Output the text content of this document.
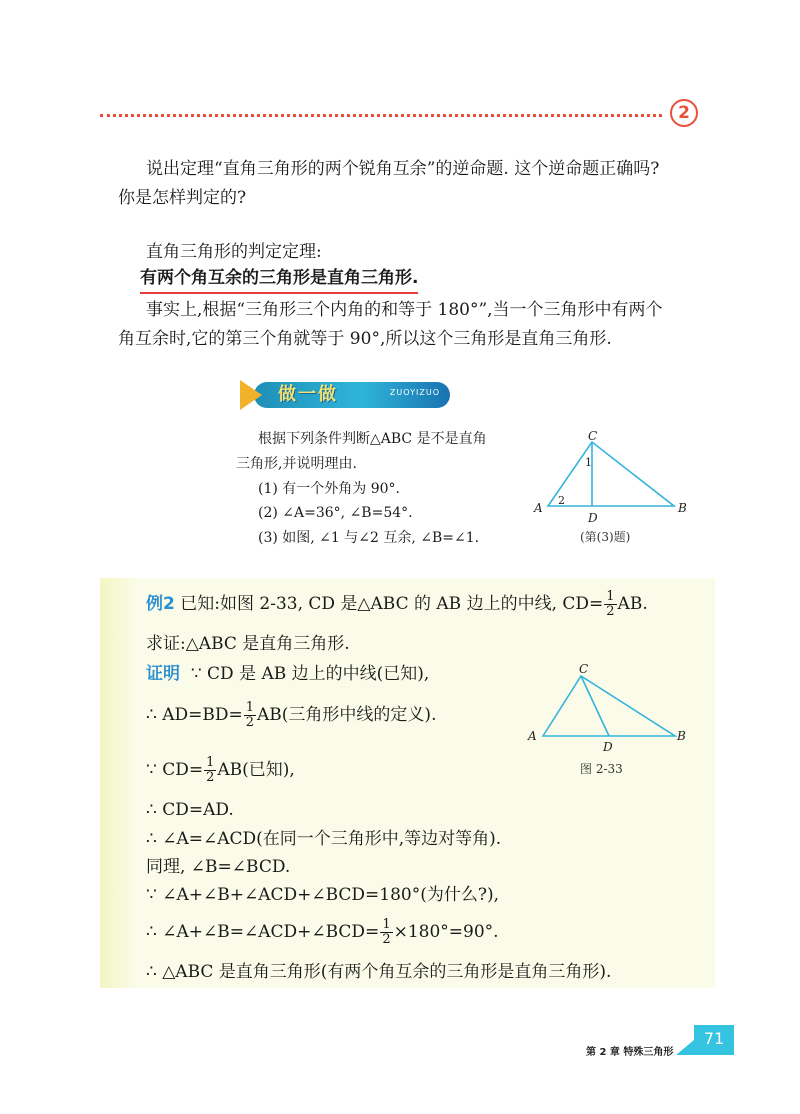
2
说出定理“直角三角形的两个锐角互余”的逆命题. 这个逆命题正确吗?
你是怎样判定的?
直角三角形的判定定理:
有两个角互余的三角形是直角三角形.
事实上,根据“三角形三个内角的和等于 180°”,当一个三角形中有两个
角互余时,它的第三个角就等于 90°,所以这个三角形是直角三角形.
做一做	ZUOYIZUO
根据下列条件判断△ABC 是不是直角
三角形,并说明理由.
(1) 有一个外角为 90°.
(2) ∠A=36°, ∠B=54°.
(3) 如图, ∠1 与∠2 互余, ∠B=∠1.
C
A	B
D
1
2
(第(3)题)
例2 已知:如图 2-33, CD 是△ABC 的 AB 边上的中线, $CD= \frac{1}{2}$ AB.
求证:△ABC 是直角三角形.
证明 ∵ CD 是 AB 边上的中线(已知),
∴ $AD=BD= \frac{1}{2} AB$(三角形中线的定义).
∵ $CD= \frac{1}{2} AB$(已知),
∴ CD=AD.
∴ ∠A=∠ACD(在同一个三角形中,等边对等角).
同理, ∠B=∠BCD.
∵ ∠A+∠B+∠ACD+∠BCD=180°(为什么?),
∴ ∠A+∠B=∠ACD+∠BCD= $\frac{1}{2} \times 180^\circ=90^\circ$.
∴ △ABC 是直角三角形(有两个角互余的三角形是直角三角形).
C
A	B
D
图 2-33
第 2 章 特殊三角形
71
